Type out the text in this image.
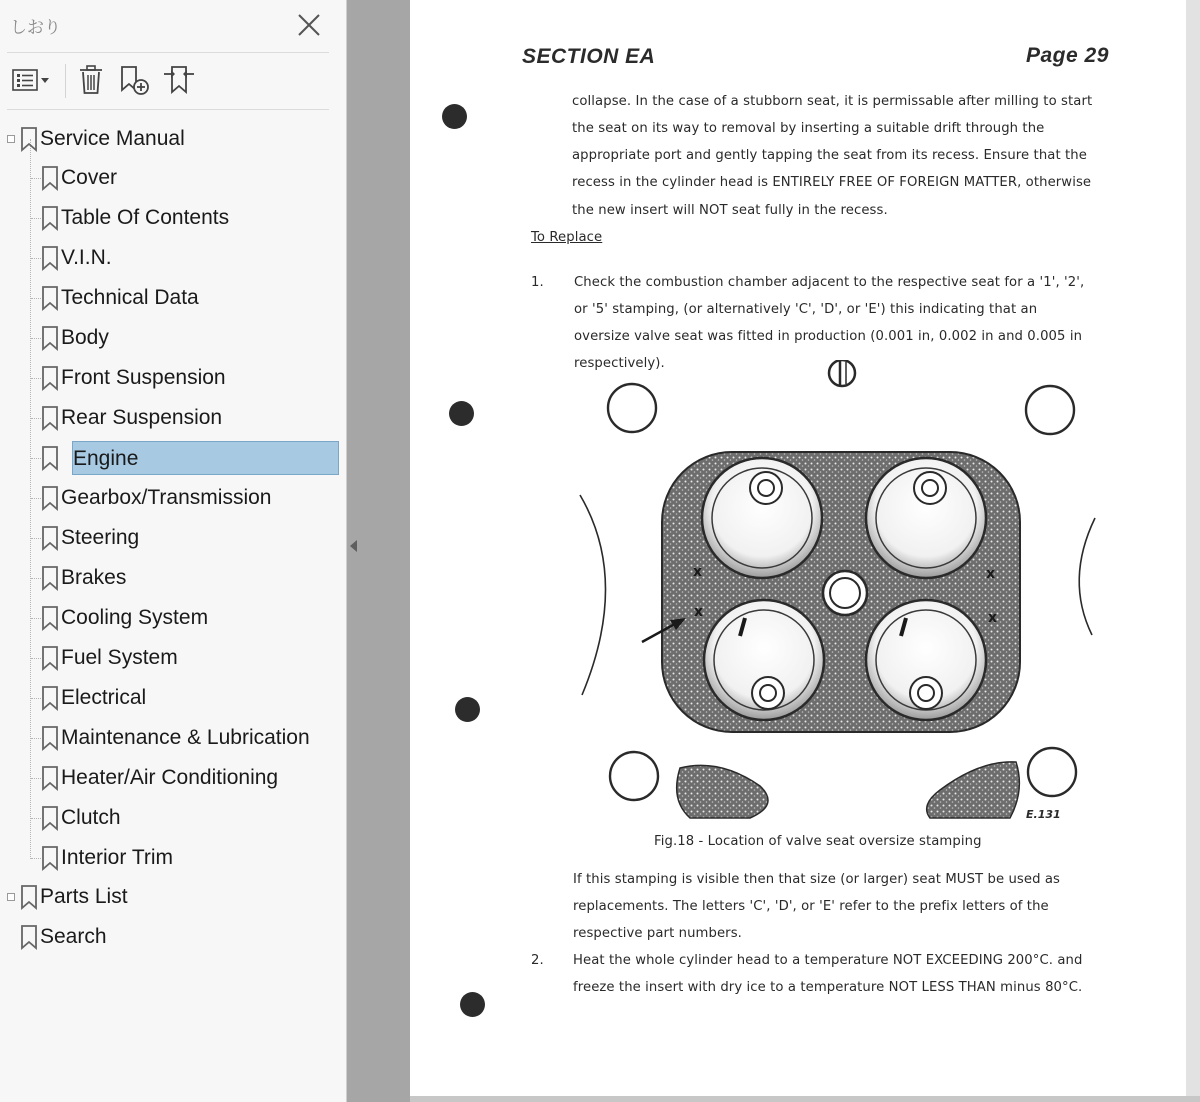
しおり
Service Manual
Cover
Table Of Contents
V.I.N.
Technical Data
Body
Front Suspension
Rear Suspension
Engine
Gearbox/Transmission
Steering
Brakes
Cooling System
Fuel System
Electrical
Maintenance & Lubrication
Heater/Air Conditioning
Clutch
Interior Trim
Parts List
Search
SECTION EA	Page 29
collapse. In the case of a stubborn seat, it is permissable after milling to start
the seat on its way to removal by inserting a suitable drift through the
appropriate port and gently tapping the seat from its recess. Ensure that the
recess in the cylinder head is ENTIRELY FREE OF FOREIGN MATTER, otherwise
the new insert will NOT seat fully in the recess.
To Replace
1. Check the combustion chamber adjacent to the respective seat for a '1', '2',
or '5' stamping, (or alternatively 'C', 'D', or 'E') this indicating that an
oversize valve seat was fitted in production (0.001 in, 0.002 in and 0.005 in
respectively).
x
x
x
x
E.131
Fig.18 - Location of valve seat oversize stamping
If this stamping is visible then that size (or larger) seat MUST be used as
replacements. The letters 'C', 'D', or 'E' refer to the prefix letters of the
respective part numbers.
2. Heat the whole cylinder head to a temperature NOT EXCEEDING 200°C. and
freeze the insert with dry ice to a temperature NOT LESS THAN minus 80°C.
